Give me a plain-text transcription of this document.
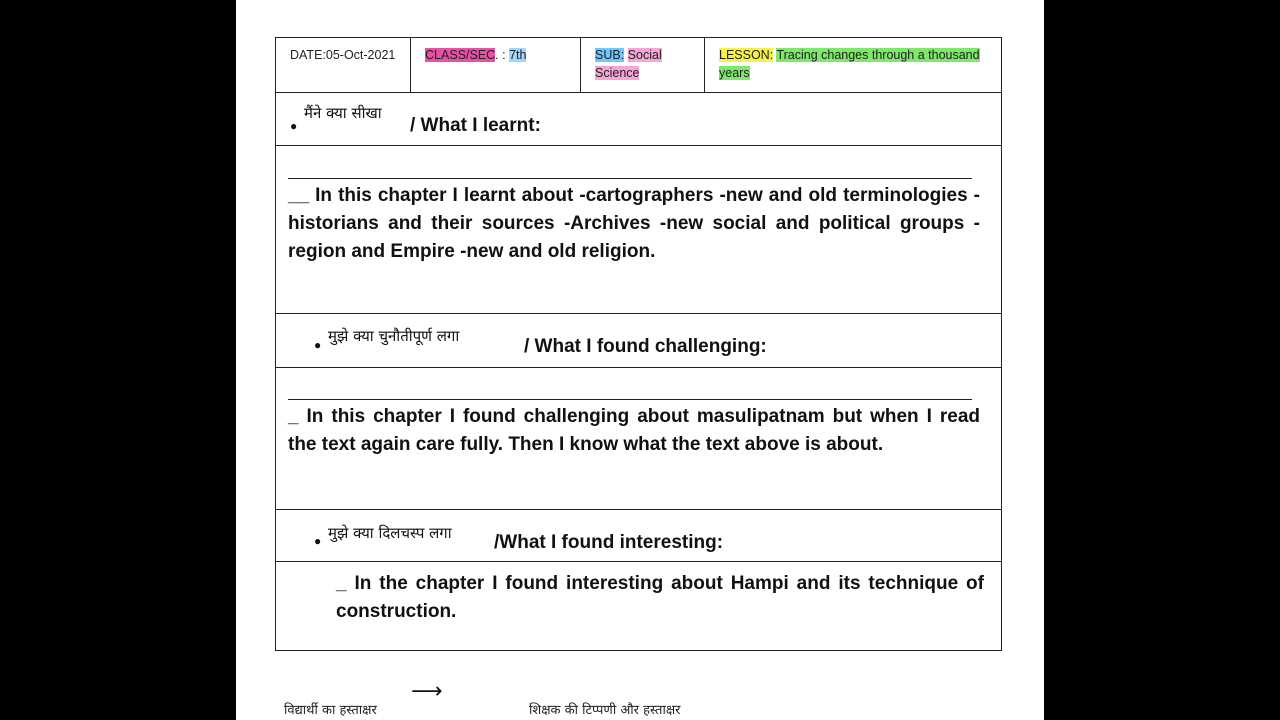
DATE:05-Oct-2021	CLASS/SEC. : 7th	SUB: Social
Science
LESSON: Tracing changes through a thousand
years
●
मैंने क्या सीखा
/ What I learnt:
__ In this chapter I learnt about -cartographers -new and old terminologies -historians and their sources -Archives -new social and political groups -region and Empire -new and old religion.
● मुझे क्या चुनौतीपूर्ण लगा	/ What I found challenging:
_ In this chapter I found challenging about masulipatnam but when I read the text again care fully. Then I know what the text above is about.
● मुझे क्या दिलचस्प लगा /What I found interesting:
_ In the chapter I found interesting about Hampi and its technique of construction.
⟶
विद्यार्थी का हस्ताक्षर	शिक्षक की टिप्पणी और हस्ताक्षर
